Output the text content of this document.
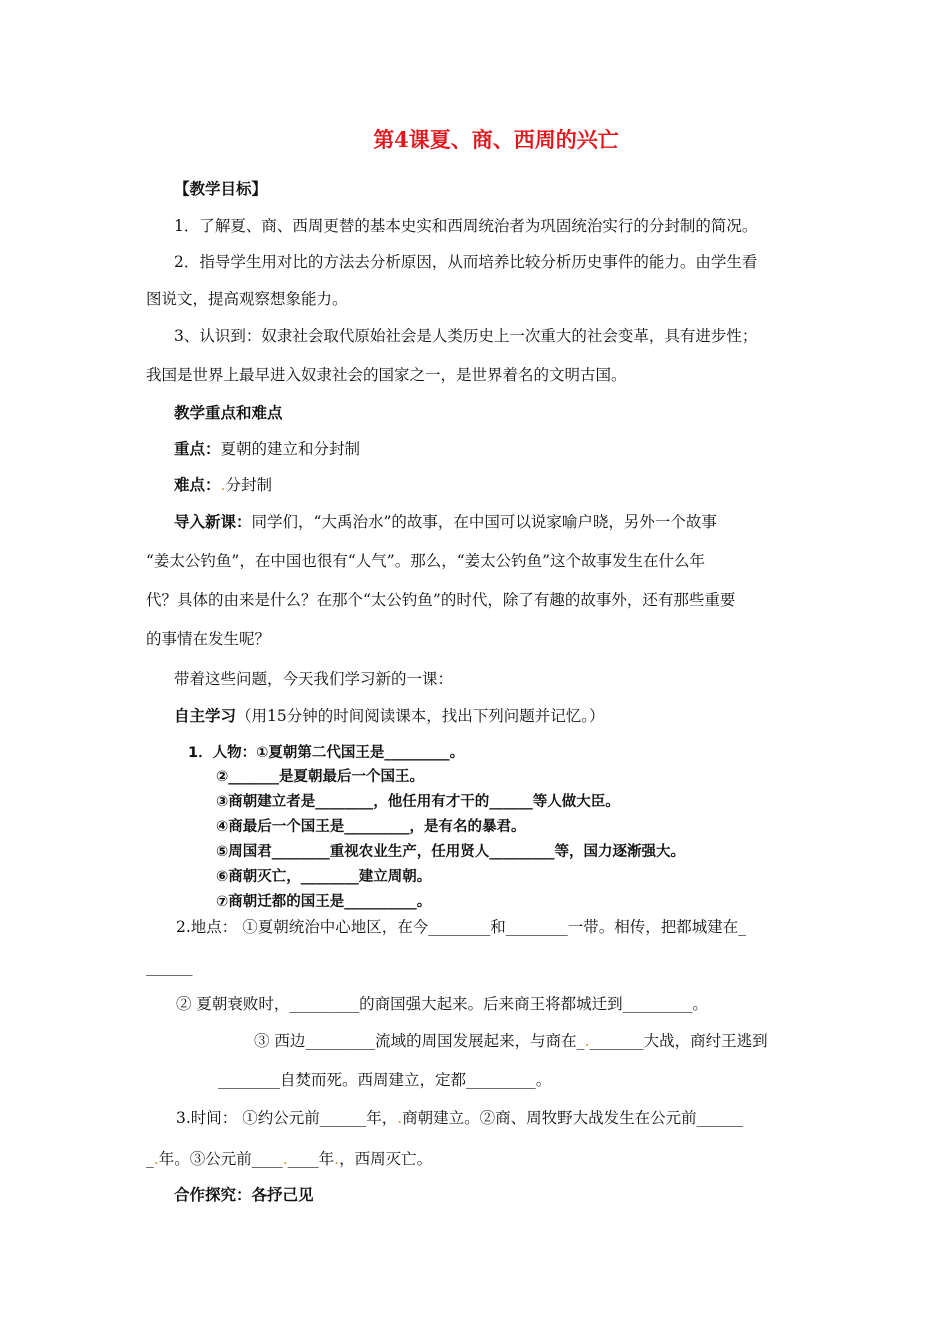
第4课夏、商、西周的兴亡
【教学目标】
1．了解夏、商、西周更替的基本史实和西周统治者为巩固统治实行的分封制的简况。
2．指导学生用对比的方法去分析原因，从而培养比较分析历史事件的能力。由学生看
图说文，提高观察想象能力。
3、认识到：奴隶社会取代原始社会是人类历史上一次重大的社会变革，具有进步性；
我国是世界上最早进入奴隶社会的国家之一，是世界着名的文明古国。
教学重点和难点
重点：夏朝的建立和分封制
难点：.分封制
导入新课：同学们，“大禹治水”的故事，在中国可以说家喻户晓，另外一个故事
“姜太公钓鱼”，在中国也很有“人气”。那么，“姜太公钓鱼”这个故事发生在什么年
代？具体的由来是什么？在那个“太公钓鱼”的时代，除了有趣的故事外，还有那些重要
的事情在发生呢？
带着这些问题，今天我们学习新的一课：
自主学习（用15分钟的时间阅读课本，找出下列问题并记忆。）
1．人物：①夏朝第二代国王是_________。
②_______是夏朝最后一个国王。
③商朝建立者是________，他任用有才干的______等人做大臣。
④商最后一个国王是_________，是有名的暴君。
⑤周国君________重视农业生产，任用贤人_________等，国力逐渐强大。
⑥商朝灭亡，________建立周朝。
⑦商朝迁都的国王是__________。
2.地点： ①夏朝统治中心地区，在今________和________一带。相传，把都城建在_
______
② 夏朝衰败时，_________的商国强大起来。后来商王将都城迁到_________。
③ 西边_________流域的周国发展起来，与商在_._______大战，商纣王逃到
________自焚而死。西周建立，定都_________。
3.时间： ①约公元前______年，.商朝建立。②商、周牧野大战发生在公元前______
_.年。③公元前____.____年.，西周灭亡。
合作探究：各抒己见
